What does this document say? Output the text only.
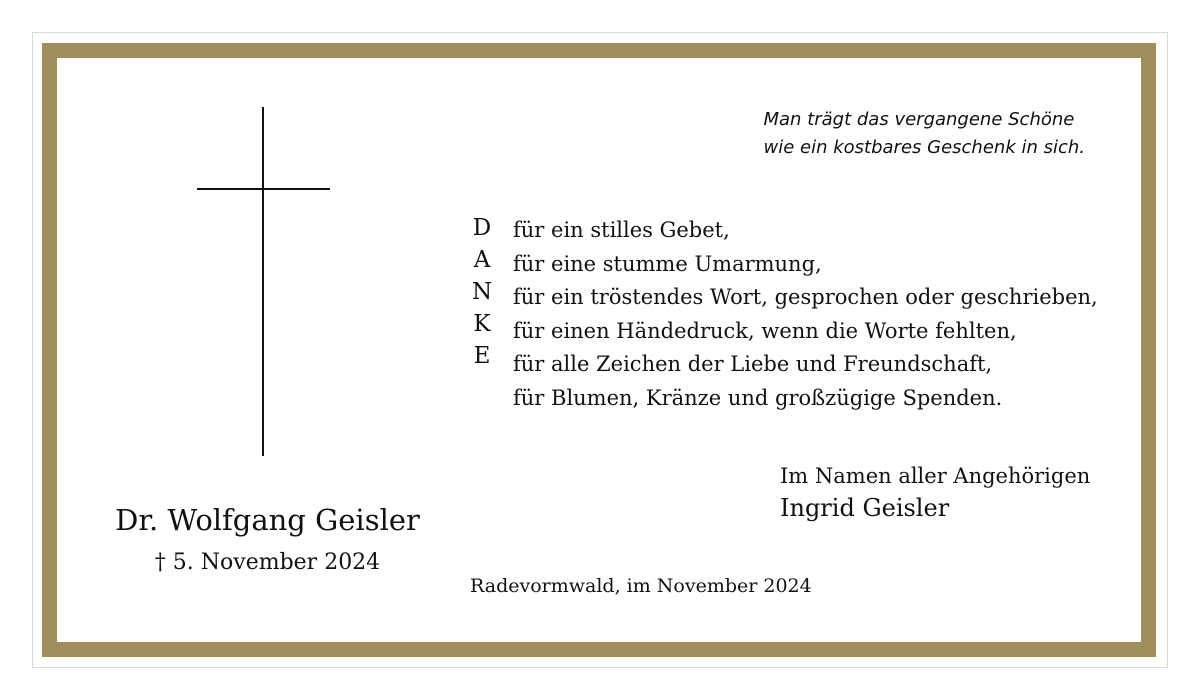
Dr. Wolfgang Geisler
† 5. November 2024
Man trägt das vergangene Schöne
wie ein kostbares Geschenk in sich.
D
A
N
K
E
für ein stilles Gebet,
für eine stumme Umarmung,
für ein tröstendes Wort, gesprochen oder geschrieben,
für einen Händedruck, wenn die Worte fehlten,
für alle Zeichen der Liebe und Freundschaft,
für Blumen, Kränze und großzügige Spenden.
Im Namen aller Angehörigen
Ingrid Geisler
Radevormwald, im November 2024
